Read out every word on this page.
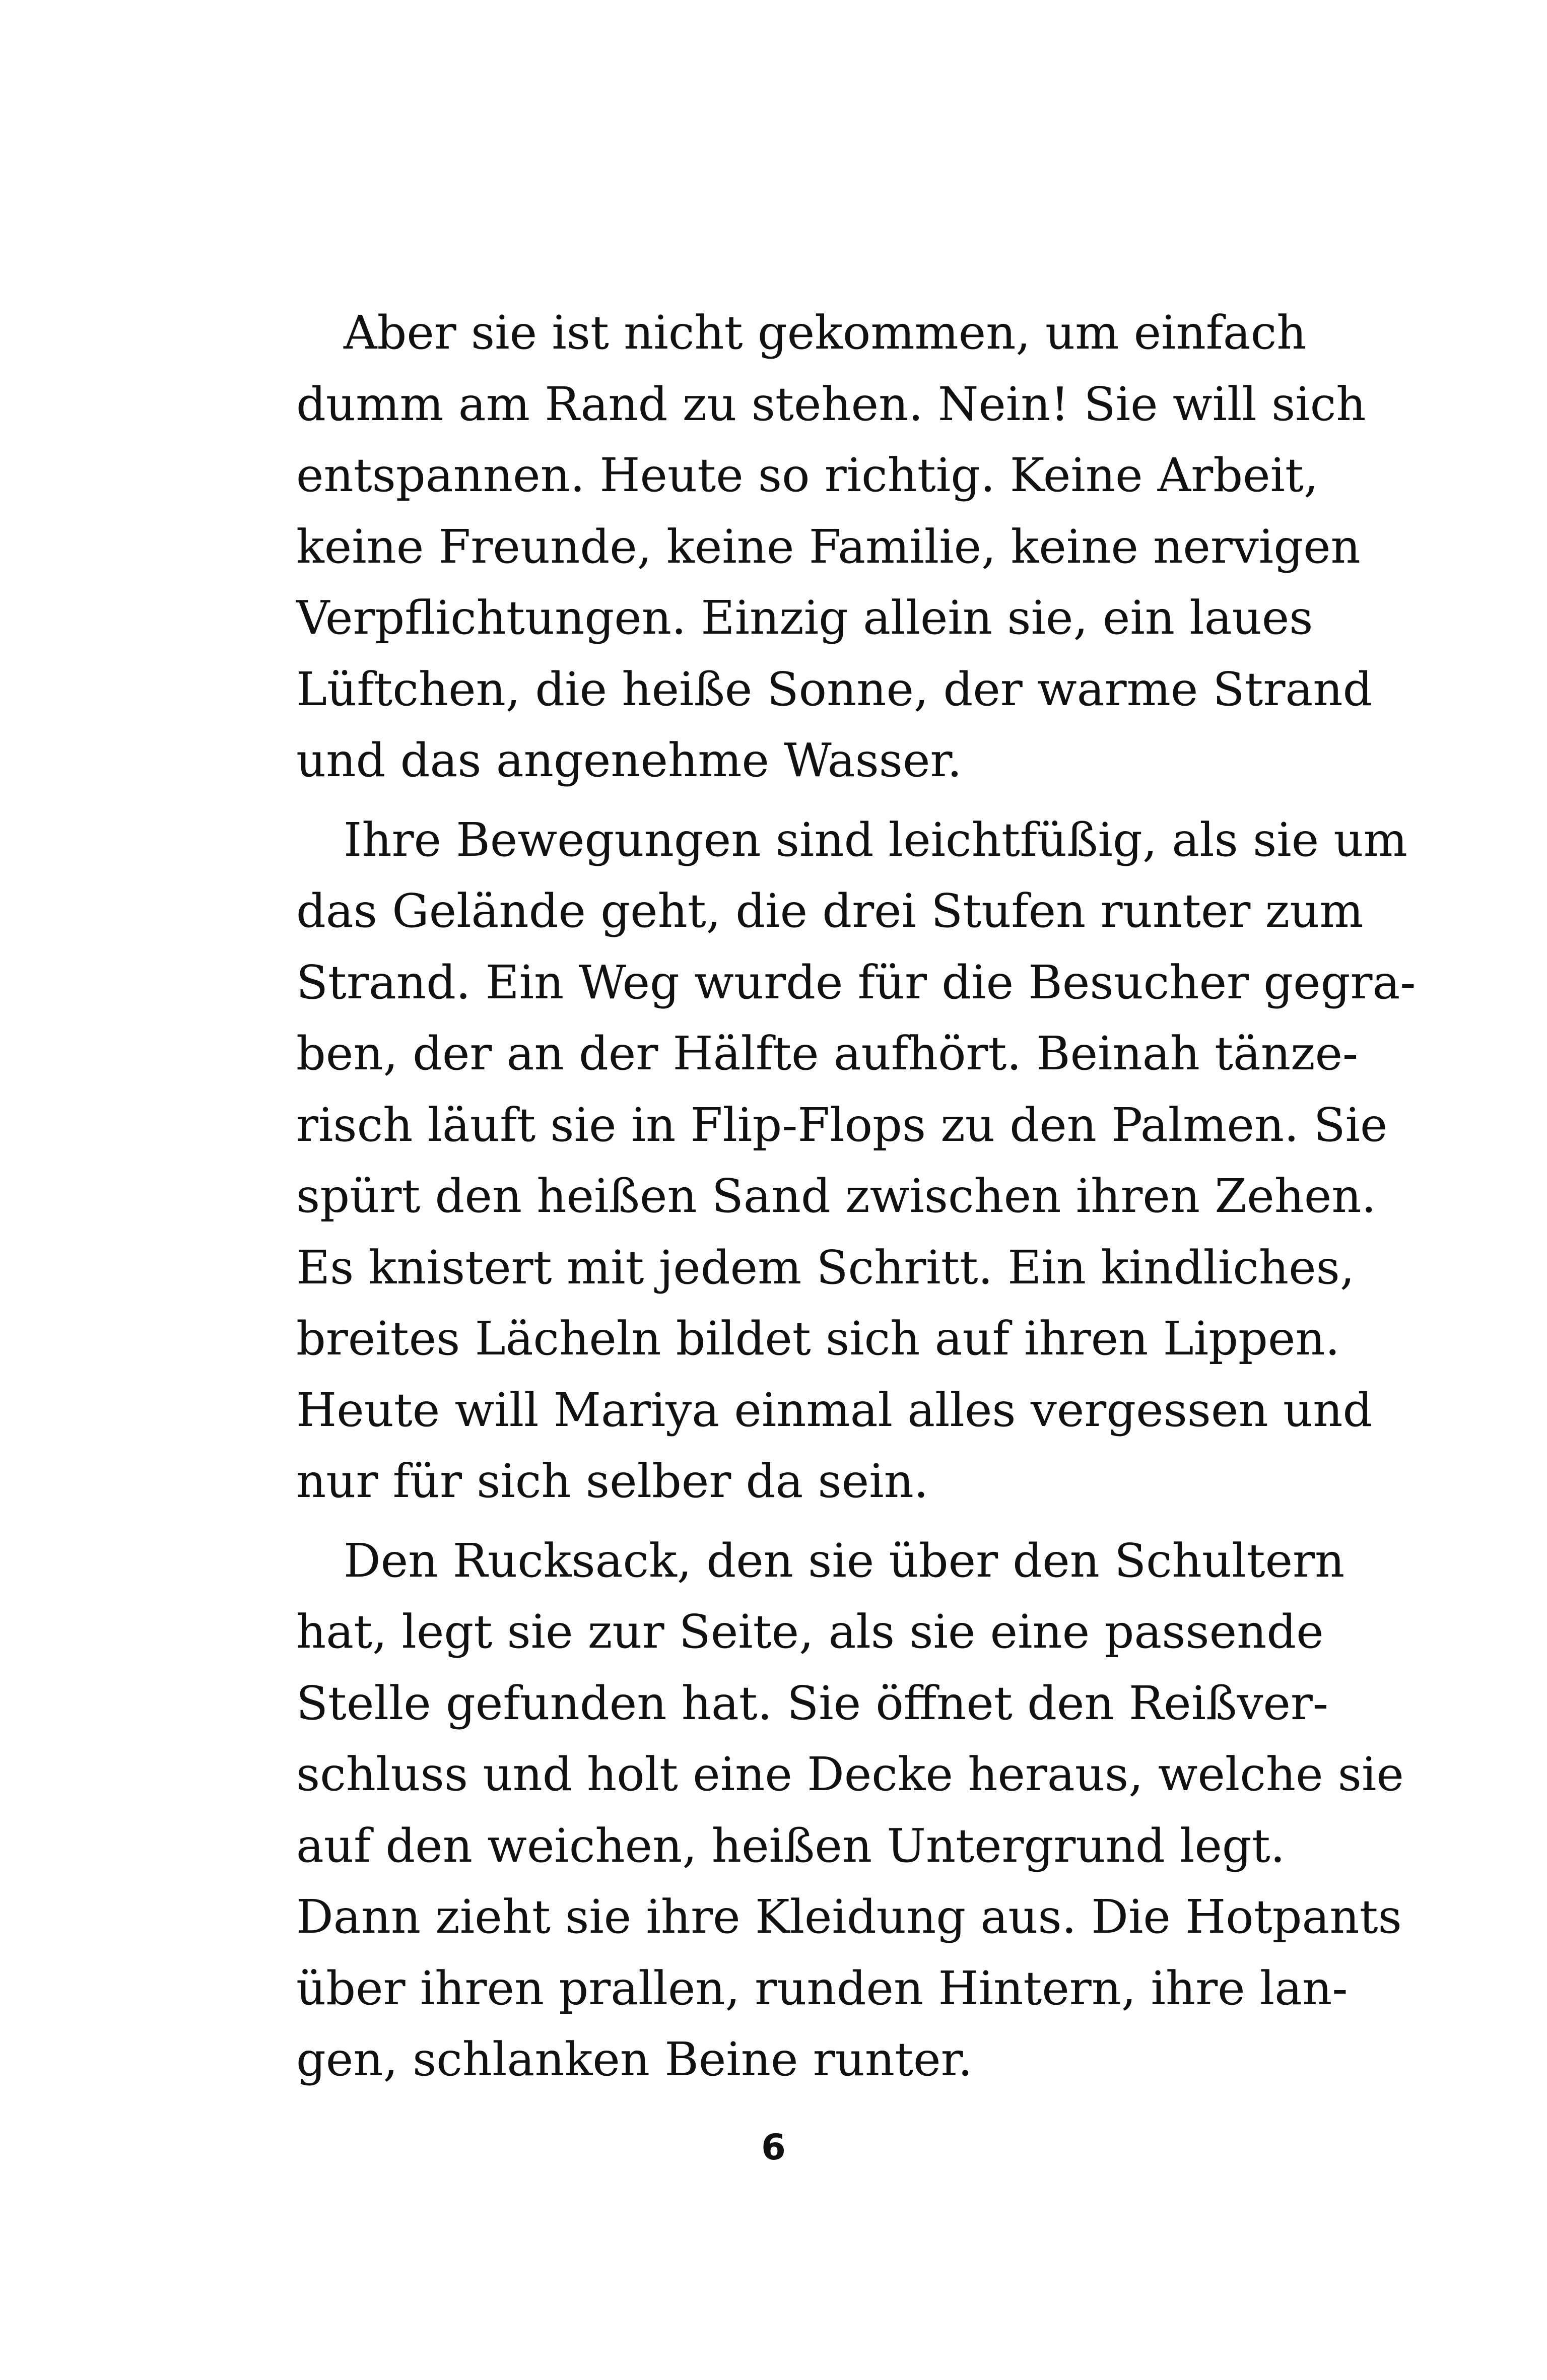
Aber sie ist nicht gekommen, um einfach
dumm am Rand zu stehen. Nein! Sie will sich
entspannen. Heute so richtig. Keine Arbeit,
keine Freunde, keine Familie, keine nervigen
Verpflichtungen. Einzig allein sie, ein laues
Lüftchen, die heiße Sonne, der warme Strand
und das angenehme Wasser.

Ihre Bewegungen sind leichtfüßig, als sie um
das Gelände geht, die drei Stufen runter zum
Strand. Ein Weg wurde für die Besucher gegra-
ben, der an der Hälfte aufhört. Beinah tänze-
risch läuft sie in Flip-Flops zu den Palmen. Sie
spürt den heißen Sand zwischen ihren Zehen.
Es knistert mit jedem Schritt. Ein kindliches,
breites Lächeln bildet sich auf ihren Lippen.
Heute will Mariya einmal alles vergessen und
nur für sich selber da sein.

Den Rucksack, den sie über den Schultern
hat, legt sie zur Seite, als sie eine passende
Stelle gefunden hat. Sie öffnet den Reißver-
schluss und holt eine Decke heraus, welche sie
auf den weichen, heißen Untergrund legt.
Dann zieht sie ihre Kleidung aus. Die Hotpants
über ihren prallen, runden Hintern, ihre lan-
gen, schlanken Beine runter.

6
